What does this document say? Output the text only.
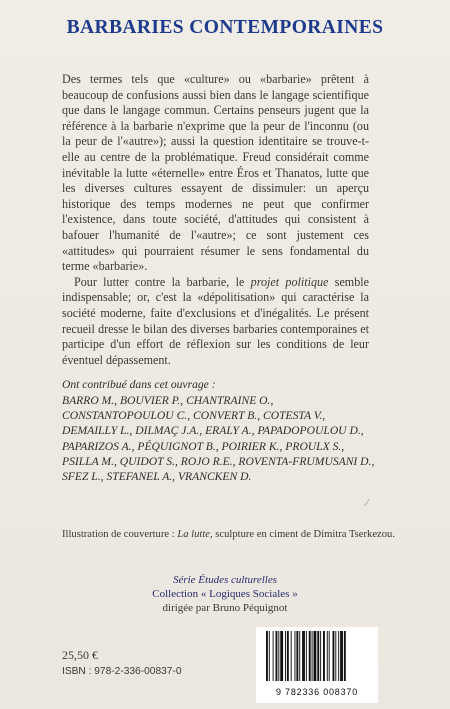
BARBARIES CONTEMPORAINES

Des termes tels que «culture» ou «barbarie» prêtent à beaucoup de confusions aussi bien dans le langage scientifique que dans le langage commun. Certains penseurs jugent que la référence à la barbarie n'exprime que la peur de l'inconnu (ou la peur de l'«autre»); aussi la question identitaire se trouve-t-elle au centre de la problématique. Freud considérait comme inévitable la lutte «éternelle» entre Éros et Thanatos, lutte que les diverses cultures essayent de dissimuler: un aperçu historique des temps modernes ne peut que confirmer l'existence, dans toute société, d'attitudes qui consistent à bafouer l'humanité de l'«autre»; ce sont justement ces «attitudes» qui pourraient résumer le sens fondamental du terme «barbarie».

Pour lutter contre la barbarie, le projet politique semble indispensable; or, c'est la «dépolitisation» qui caractérise la société moderne, faite d'exclusions et d'inégalités. Le présent recueil dresse le bilan des diverses barbaries contemporaines et participe d'un effort de réflexion sur les conditions de leur éventuel dépassement.

Ont contribué dans cet ouvrage :
BARRO M., BOUVIER P., CHANTRAINE O.,
CONSTANTOPOULOU C., CONVERT B., COTESTA V.,
DEMAILLY L., DILMAÇ J.A., ERALY A., PAPADOPOULOU D.,
PAPARIZOS A., PÉQUIGNOT B., POIRIER K., PROULX S.,
PSILLA M., QUIDOT S., ROJO R.E., ROVENTA-FRUMUSANI D.,
SFEZ L., STEFANEL A., VRANCKEN D.
∕
Illustration de couverture : La lutte, sculpture en ciment de Dimitra Tserkezou.
Série Études culturelles
Collection « Logiques Sociales »
dirigée par Bruno Péquignot
25,50 €
ISBN : 978-2-336-00837-0
9 782336 008370
